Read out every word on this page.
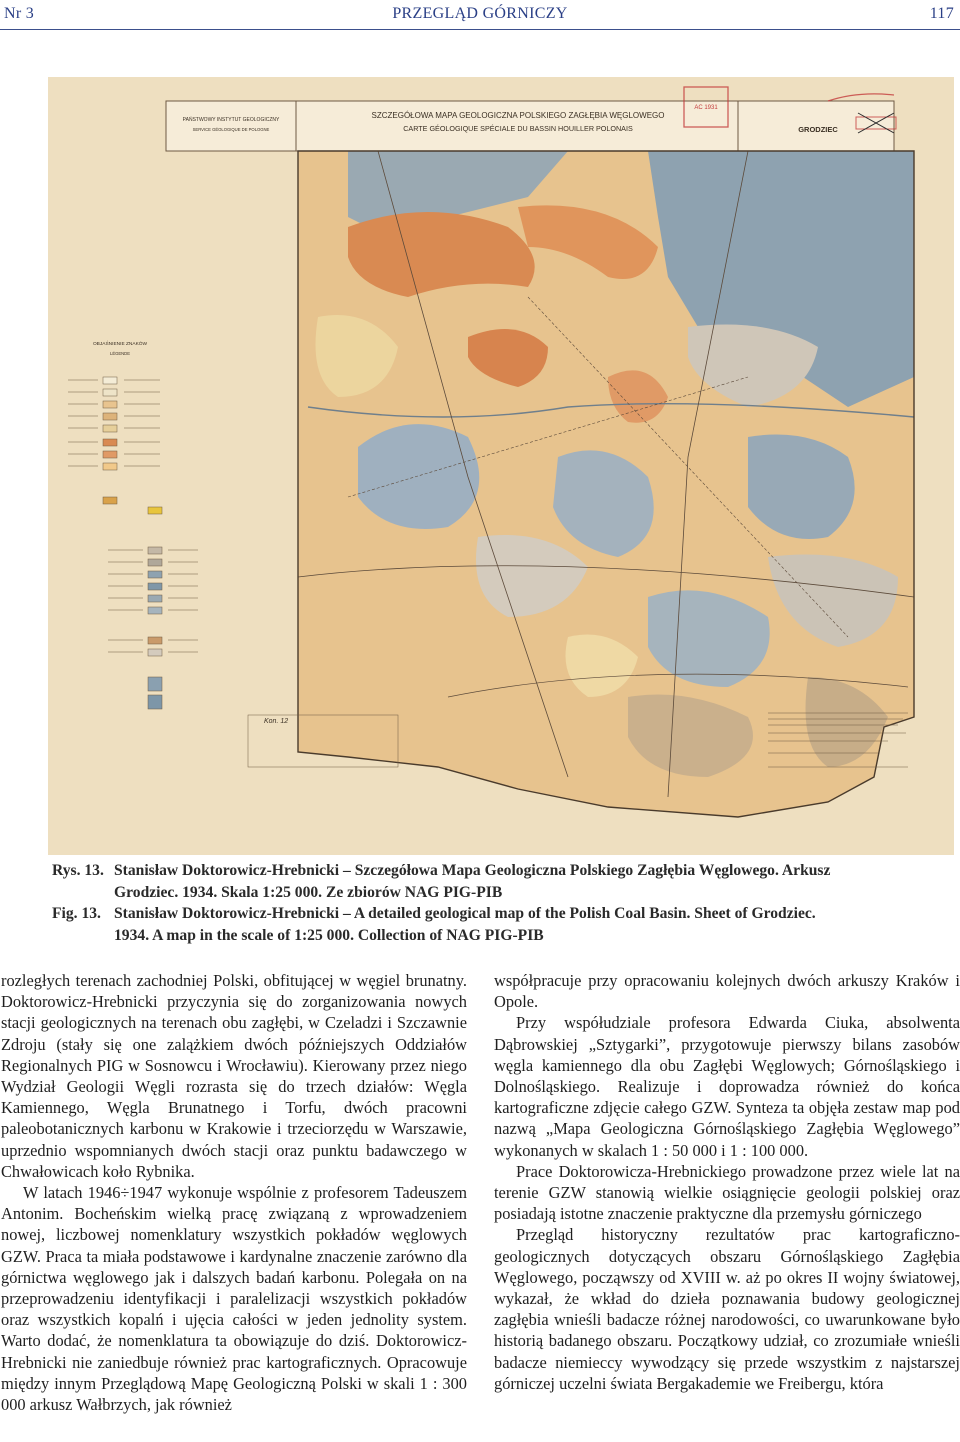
Nr 3	PRZEGLĄD GÓRNICZY	117
PAŃSTWOWY INSTYTUT GEOLOGICZNY
SERVICE GÉOLOGIQUE DE POLOGNE
SZCZEGÓŁOWA MAPA GEOLOGICZNA POLSKIEGO ZAGŁĘBIA WĘGLOWEGO
CARTE GÉOLOGIQUE SPÉCIALE DU BASSIN HOUILLER POLONAIS	GRODZIEC
AC 1931
OBJAŚNIENIE ZNAKÓW
LÉGENDE
Kon. 12

Rys. 13. Stanisław Doktorowicz-Hrebnicki – Szczegółowa Mapa Geologiczna Polskiego Zagłębia Węglowego. Arkusz

Grodziec. 1934. Skala 1:25 000. Ze zbiorów NAG PIG-PIB

Fig. 13. Stanisław Doktorowicz-Hrebnicki – A detailed geological map of the Polish Coal Basin. Sheet of Grodziec.

1934. A map in the scale of 1:25 000. Collection of NAG PIG-PIB

rozległych terenach zachodniej Polski, obfitującej w węgiel brunatny. Doktorowicz-Hrebnicki przyczynia się do zorganizowania nowych stacji geologicznych na terenach obu zagłębi, w Czeladzi i Szczawnie Zdroju (stały się one zalążkiem dwóch późniejszych Oddziałów Regionalnych PIG w Sosnowcu i Wrocławiu). Kierowany przez niego Wydział Geologii Węgli rozrasta się do trzech działów: Węgla Kamiennego, Węgla Brunatnego i Torfu, dwóch pracowni paleobotanicznych karbonu w Krakowie i trzeciorzędu w Warszawie, uprzednio wspomnianych dwóch stacji oraz punktu badawczego w Chwałowicach koło Rybnika.

W latach 1946÷1947 wykonuje wspólnie z profesorem Tadeuszem Antonim. Bocheńskim wielką pracę związaną z wprowadzeniem nowej, liczbowej nomenklatury wszystkich pokładów węglowych GZW. Praca ta miała podstawowe i kardynalne znaczenie zarówno dla górnictwa węglowego jak i dalszych badań karbonu. Polegała on na przeprowadzeniu identyfikacji i paralelizacji wszystkich pokładów oraz wszystkich kopalń i ujęcia całości w jeden jednolity system. Warto dodać, że nomenklatura ta obowiązuje do dziś. Doktorowicz-Hrebnicki nie zaniedbuje również prac kartograficznych. Opracowuje między innym Przeglądową Mapę Geologiczną Polski w skali 1 : 300 000 arkusz Wałbrzych, jak również

współpracuje przy opracowaniu kolejnych dwóch arkuszy Kraków i Opole.

Przy współudziale profesora Edwarda Ciuka, absolwenta Dąbrowskiej „Sztygarki”, przygotowuje pierwszy bilans zasobów węgla kamiennego dla obu Zagłębi Węglowych; Górnośląskiego i Dolnośląskiego. Realizuje i doprowadza również do końca kartograficzne zdjęcie całego GZW. Synteza ta objęła zestaw map pod nazwą „Mapa Geologiczna Górnośląskiego Zagłębia Węglowego” wykonanych w skalach 1 : 50 000 i 1 : 100 000.

Prace Doktorowicza-Hrebnickiego prowadzone przez wiele lat na terenie GZW stanowią wielkie osiągnięcie geologii polskiej oraz posiadają istotne znaczenie praktyczne dla przemysłu górniczego

Przegląd historyczny rezultatów prac kartograficzno-geologicznych dotyczących obszaru Górnośląskiego Zagłębia Węglowego, począwszy od XVIII w. aż po okres II wojny światowej, wykazał, że wkład do dzieła poznawania budowy geologicznej zagłębia wnieśli badacze różnej narodowości, co uwarunkowane było historią badanego obszaru. Początkowy udział, co zrozumiałe wnieśli badacze niemieccy wywodzący się przede wszystkim z najstarszej górniczej uczelni świata Bergakademie we Freibergu, która
